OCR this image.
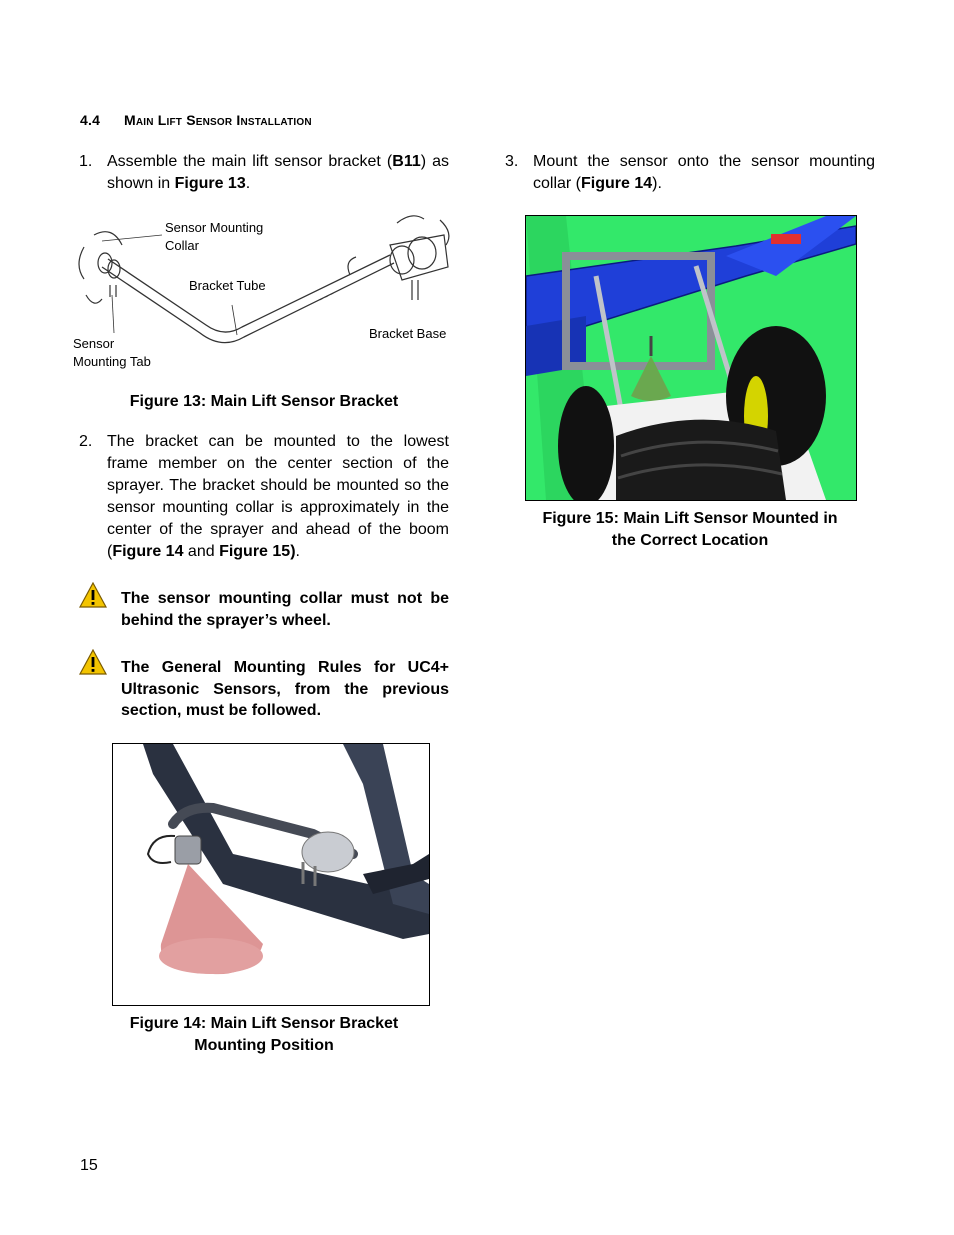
4.4 Main Lift Sensor Installation
1. Assemble the main lift sensor bracket (B11) as shown in Figure 13.
Sensor Mounting
Collar
Bracket Tube
Bracket Base
Sensor
Mounting Tab
Figure 13: Main Lift Sensor Bracket
2. The bracket can be mounted to the lowest frame member on the center section of the sprayer. The bracket should be mounted so the sensor mounting collar is approximately in the center of the sprayer and ahead of the boom (Figure 14 and Figure 15).
The sensor mounting collar must not be behind the sprayer’s wheel.
The General Mounting Rules for UC4+ Ultrasonic Sensors, from the previous section, must be followed.
Figure 14: Main Lift Sensor Bracket
Mounting Position
3. Mount the sensor onto the sensor mounting collar (Figure 14).
Figure 15: Main Lift Sensor Mounted in
the Correct Location
15
